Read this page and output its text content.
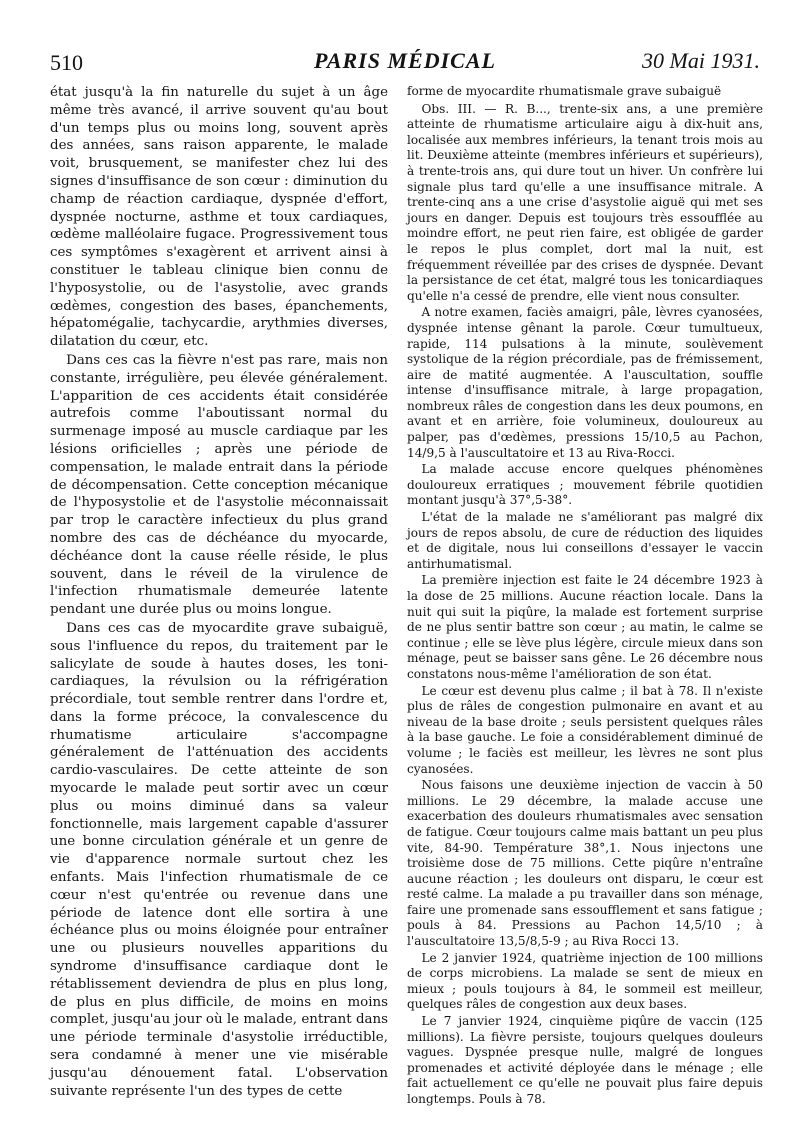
510	PARIS MÉDICAL	30 Mai 1931.

état jusqu'à la fin naturelle du sujet à un âge même très avancé, il arrive souvent qu'au bout d'un temps plus ou moins long, souvent après des années, sans raison apparente, le malade voit, brusquement, se manifester chez lui des signes d'insuffisance de son cœur : diminution du champ de réaction cardiaque, dyspnée d'effort, dyspnée nocturne, asthme et toux cardiaques, œdème malléolaire fugace. Progressivement tous ces symptômes s'exagèrent et arrivent ainsi à constituer le tableau clinique bien connu de l'hyposystolie, ou de l'asystolie, avec grands œdèmes, congestion des bases, épanchements, hépatomégalie, tachycardie, arythmies diverses, dilatation du cœur, etc.

Dans ces cas la fièvre n'est pas rare, mais non constante, irrégulière, peu élevée généralement. L'apparition de ces accidents était considérée autrefois comme l'aboutissant normal du surmenage imposé au muscle cardiaque par les lésions orificielles ; après une période de compensation, le malade entrait dans la période de décompensation. Cette conception mécanique de l'hyposystolie et de l'asystolie méconnaissait par trop le caractère infectieux du plus grand nombre des cas de déchéance du myocarde, déchéance dont la cause réelle réside, le plus souvent, dans le réveil de la virulence de l'infection rhumatismale demeurée latente pendant une durée plus ou moins longue.

Dans ces cas de myocardite grave subaiguë, sous l'influence du repos, du traitement par le salicylate de soude à hautes doses, les toni-cardiaques, la révulsion ou la réfrigération précordiale, tout semble rentrer dans l'ordre et, dans la forme précoce, la convalescence du rhumatisme articulaire s'accompagne généralement de l'atténuation des accidents cardio-vasculaires. De cette atteinte de son myocarde le malade peut sortir avec un cœur plus ou moins diminué dans sa valeur fonctionnelle, mais largement capable d'assurer une bonne circulation générale et un genre de vie d'apparence normale surtout chez les enfants. Mais l'infection rhumatismale de ce cœur n'est qu'entrée ou revenue dans une période de latence dont elle sortira à une échéance plus ou moins éloignée pour entraîner une ou plusieurs nouvelles apparitions du syndrome d'insuffisance cardiaque dont le rétablissement deviendra de plus en plus long, de plus en plus difficile, de moins en moins complet, jusqu'au jour où le malade, entrant dans une période terminale d'asystolie irréductible, sera condamné à mener une vie misérable jusqu'au dénouement fatal. L'observation suivante représente l'un des types de cette

forme de myocardite rhumatismale grave subaiguë

Obs. III. — R. B..., trente-six ans, a une première atteinte de rhumatisme articulaire aigu à dix-huit ans, localisée aux membres inférieurs, la tenant trois mois au lit. Deuxième atteinte (membres inférieurs et supérieurs), à trente-trois ans, qui dure tout un hiver. Un confrère lui signale plus tard qu'elle a une insuffisance mitrale. A trente-cinq ans a une crise d'asystolie aiguë qui met ses jours en danger. Depuis est toujours très essoufflée au moindre effort, ne peut rien faire, est obligée de garder le repos le plus complet, dort mal la nuit, est fréquemment réveillée par des crises de dyspnée. Devant la persistance de cet état, malgré tous les tonicardiaques qu'elle n'a cessé de prendre, elle vient nous consulter.

A notre examen, faciès amaigri, pâle, lèvres cyanosées, dyspnée intense gênant la parole. Cœur tumultueux, rapide, 114 pulsations à la minute, soulèvement systolique de la région précordiale, pas de frémissement, aire de matité augmentée. A l'auscultation, souffle intense d'insuffisance mitrale, à large propagation, nombreux râles de congestion dans les deux poumons, en avant et en arrière, foie volumineux, douloureux au palper, pas d'œdèmes, pressions 15/10,5 au Pachon, 14/9,5 à l'auscultatoire et 13 au Riva-Rocci.

La malade accuse encore quelques phénomènes douloureux erratiques ; mouvement fébrile quotidien montant jusqu'à 37°,5-38°.

L'état de la malade ne s'améliorant pas malgré dix jours de repos absolu, de cure de réduction des liquides et de digitale, nous lui conseillons d'essayer le vaccin antirhumatismal.

La première injection est faite le 24 décembre 1923 à la dose de 25 millions. Aucune réaction locale. Dans la nuit qui suit la piqûre, la malade est fortement surprise de ne plus sentir battre son cœur ; au matin, le calme se continue ; elle se lève plus légère, circule mieux dans son ménage, peut se baisser sans gêne. Le 26 décembre nous constatons nous-même l'amélioration de son état.

Le cœur est devenu plus calme ; il bat à 78. Il n'existe plus de râles de congestion pulmonaire en avant et au niveau de la base droite ; seuls persistent quelques râles à la base gauche. Le foie a considérablement diminué de volume ; le faciès est meilleur, les lèvres ne sont plus cyanosées.

Nous faisons une deuxième injection de vaccin à 50 millions. Le 29 décembre, la malade accuse une exacerbation des douleurs rhumatismales avec sensation de fatigue. Cœur toujours calme mais battant un peu plus vite, 84-90. Température 38°,1. Nous injectons une troisième dose de 75 millions. Cette piqûre n'entraîne aucune réaction ; les douleurs ont disparu, le cœur est resté calme. La malade a pu travailler dans son ménage, faire une promenade sans essoufflement et sans fatigue ; pouls à 84. Pressions au Pachon 14,5/10 ; à l'auscultatoire 13,5/8,5-9 ; au Riva Rocci 13.

Le 2 janvier 1924, quatrième injection de 100 millions de corps microbiens. La malade se sent de mieux en mieux ; pouls toujours à 84, le sommeil est meilleur, quelques râles de congestion aux deux bases.

Le 7 janvier 1924, cinquième piqûre de vaccin (125 millions). La fièvre persiste, toujours quelques douleurs vagues. Dyspnée presque nulle, malgré de longues promenades et activité déployée dans le ménage ; elle fait actuellement ce qu'elle ne pouvait plus faire depuis longtemps. Pouls à 78.
